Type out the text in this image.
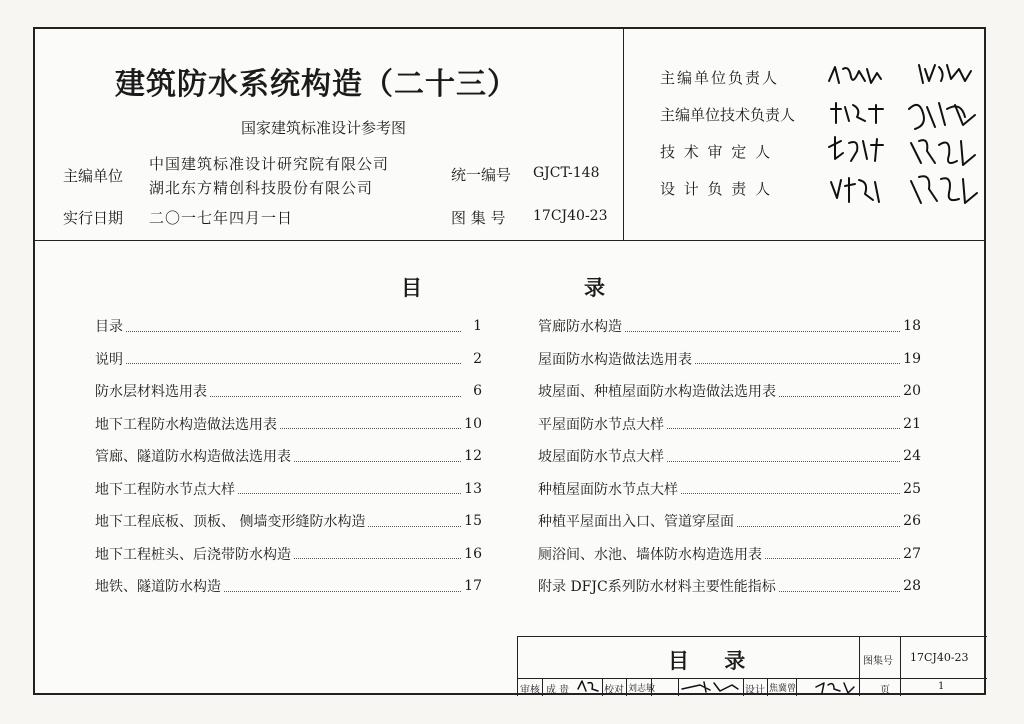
建筑防水系统构造（二十三）
国家建筑标准设计参考图
主编单位
中国建筑标准设计研究院有限公司
湖北东方精创科技股份有限公司
实行日期 二〇一七年四月一日
统一编号 GJCT-148
图 集 号 17CJ40-23
主编单位负责人
主编单位技术负责人
技 术 审 定 人
设 计 负 责 人
目	录
目录	1
说明	2
防水层材料选用表	6
地下工程防水构造做法选用表	10
管廊、隧道防水构造做法选用表	12
地下工程防水节点大样	13
地下工程底板、顶板、 侧墙变形缝防水构造	15
地下工程桩头、后浇带防水构造	16
地铁、隧道防水构造	17
管廊防水构造	18
屋面防水构造做法选用表	19
坡屋面、种植屋面防水构造做法选用表	20
平屋面防水节点大样	21
坡屋面防水节点大样	24
种植屋面防水节点大样	25
种植平屋面出入口、管道穿屋面	26
厕浴间、水池、墙体防水构造选用表	27
附录 DFJC系列防水材料主要性能指标	28
目 录	图集号 17CJ40-23
审核 成 贵	校对 刘志敏	设计 焦冀曾	页	1
